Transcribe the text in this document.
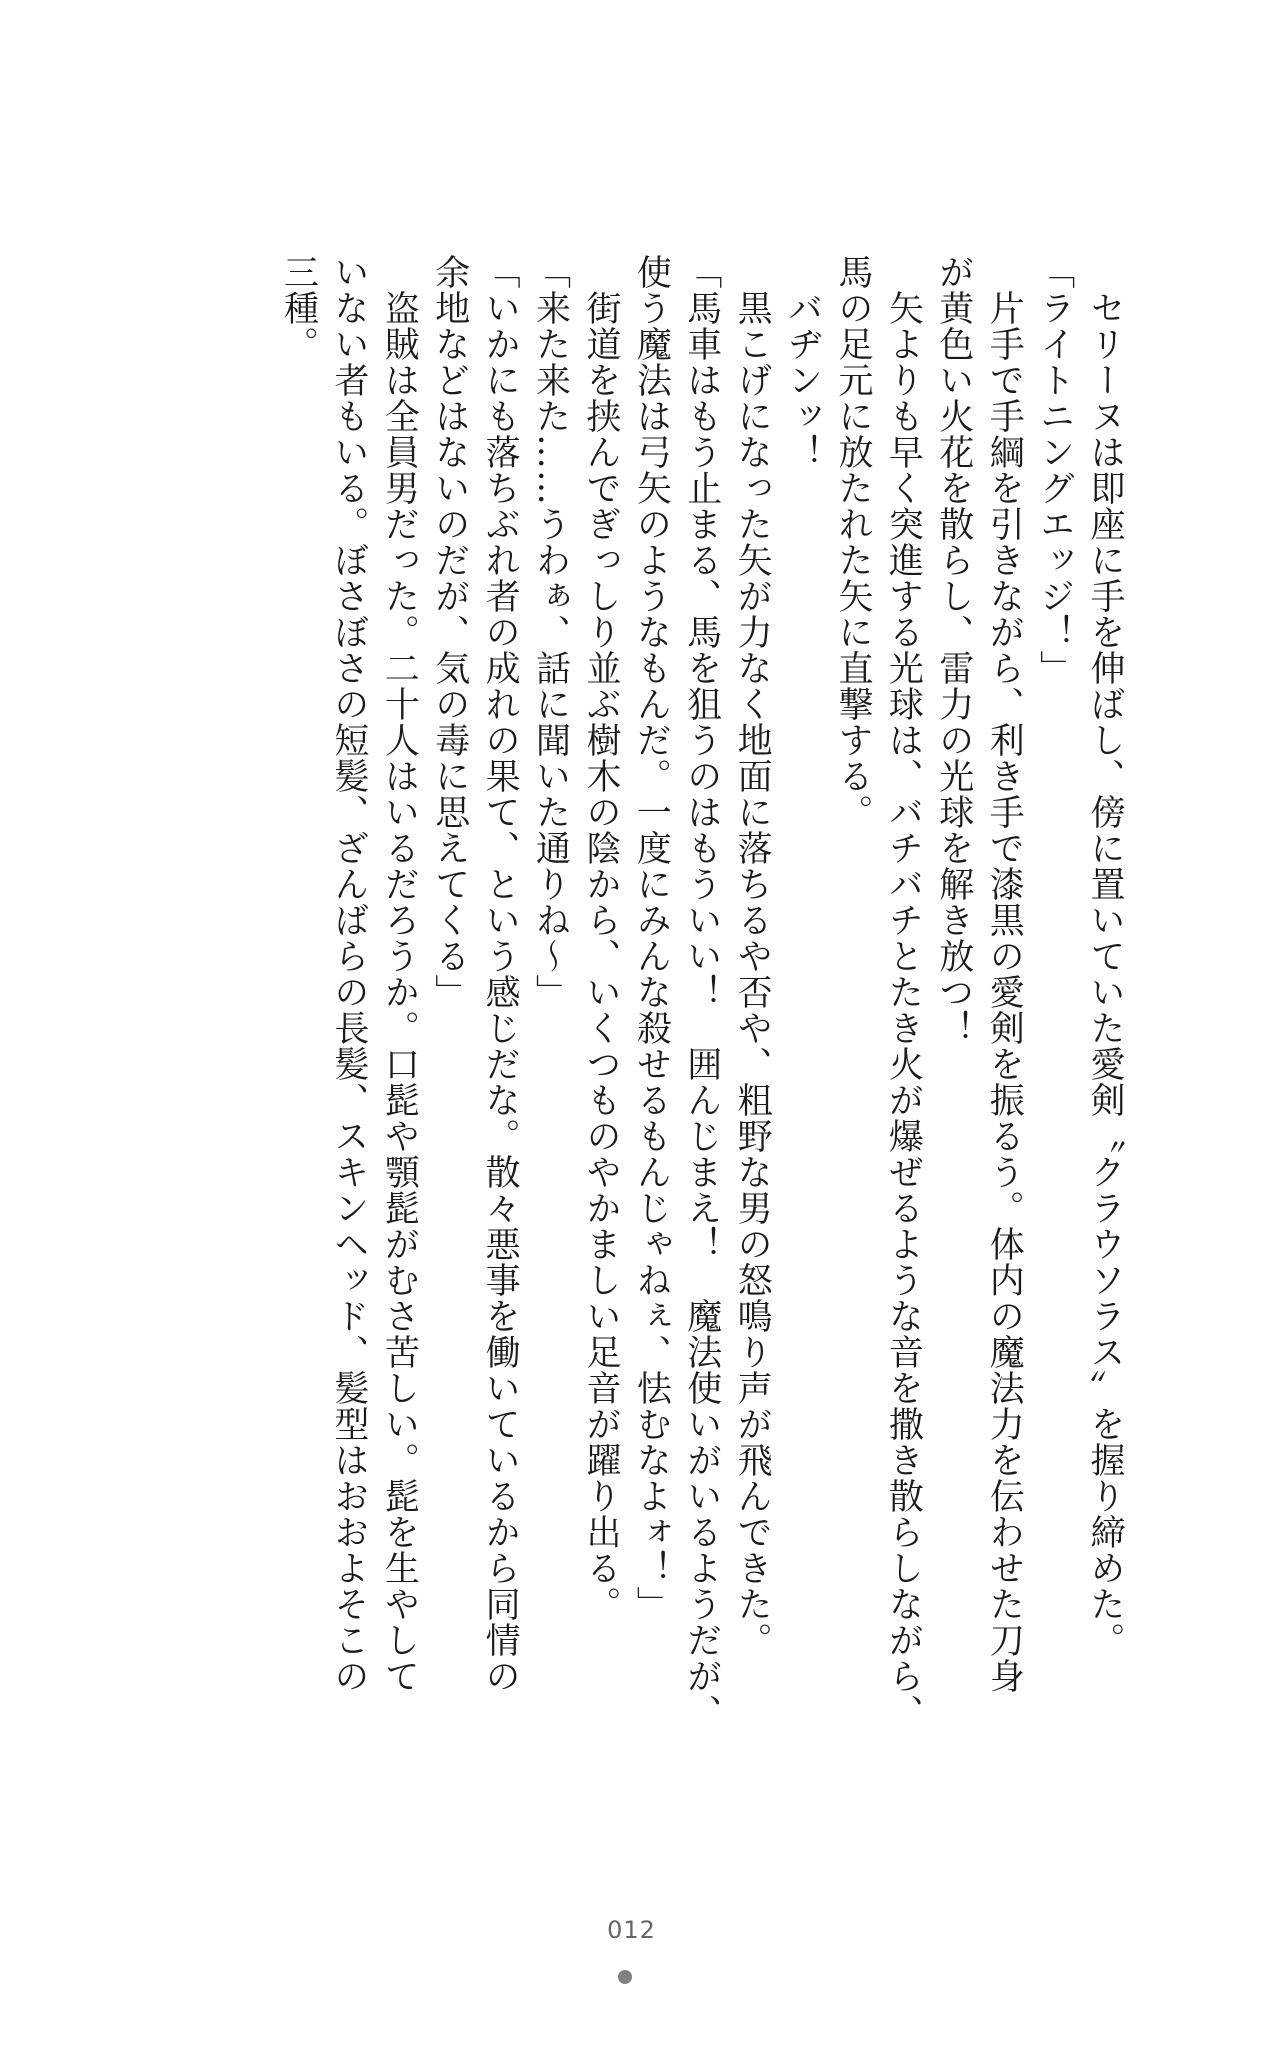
　セリーヌは即座に手を伸ばし、傍に置いていた愛剣〝クラウソラス〟を握り締めた。
「ライトニングエッジ！」
　片手で手綱を引きながら、利き手で漆黒の愛剣を振るう。体内の魔法力を伝わせた刀身
が黄色い火花を散らし、雷力の光球を解き放つ！
　矢よりも早く突進する光球は、バチバチとたき火が爆ぜるような音を撒き散らしながら、
馬の足元に放たれた矢に直撃する。
　バヂンッ！
　黒こげになった矢が力なく地面に落ちるや否や、粗野な男の怒鳴り声が飛んできた。
「馬車はもう止まる、馬を狙うのはもういい！　囲んじまえ！　魔法使いがいるようだが、
使う魔法は弓矢のようなもんだ。一度にみんな殺せるもんじゃねぇ、怯むなよォ！」
　街道を挟んでぎっしり並ぶ樹木の陰から、いくつものやかましい足音が躍り出る。
「来た来た……うわぁ、話に聞いた通りね～」
「いかにも落ちぶれ者の成れの果て、という感じだな。散々悪事を働いているから同情の
余地などはないのだが、気の毒に思えてくる」
　盗賊は全員男だった。二十人はいるだろうか。口髭や顎髭がむさ苦しい。髭を生やして
いない者もいる。ぼさぼさの短髪、ざんばらの長髪、スキンヘッド、髪型はおおよそこの
三種。
012
